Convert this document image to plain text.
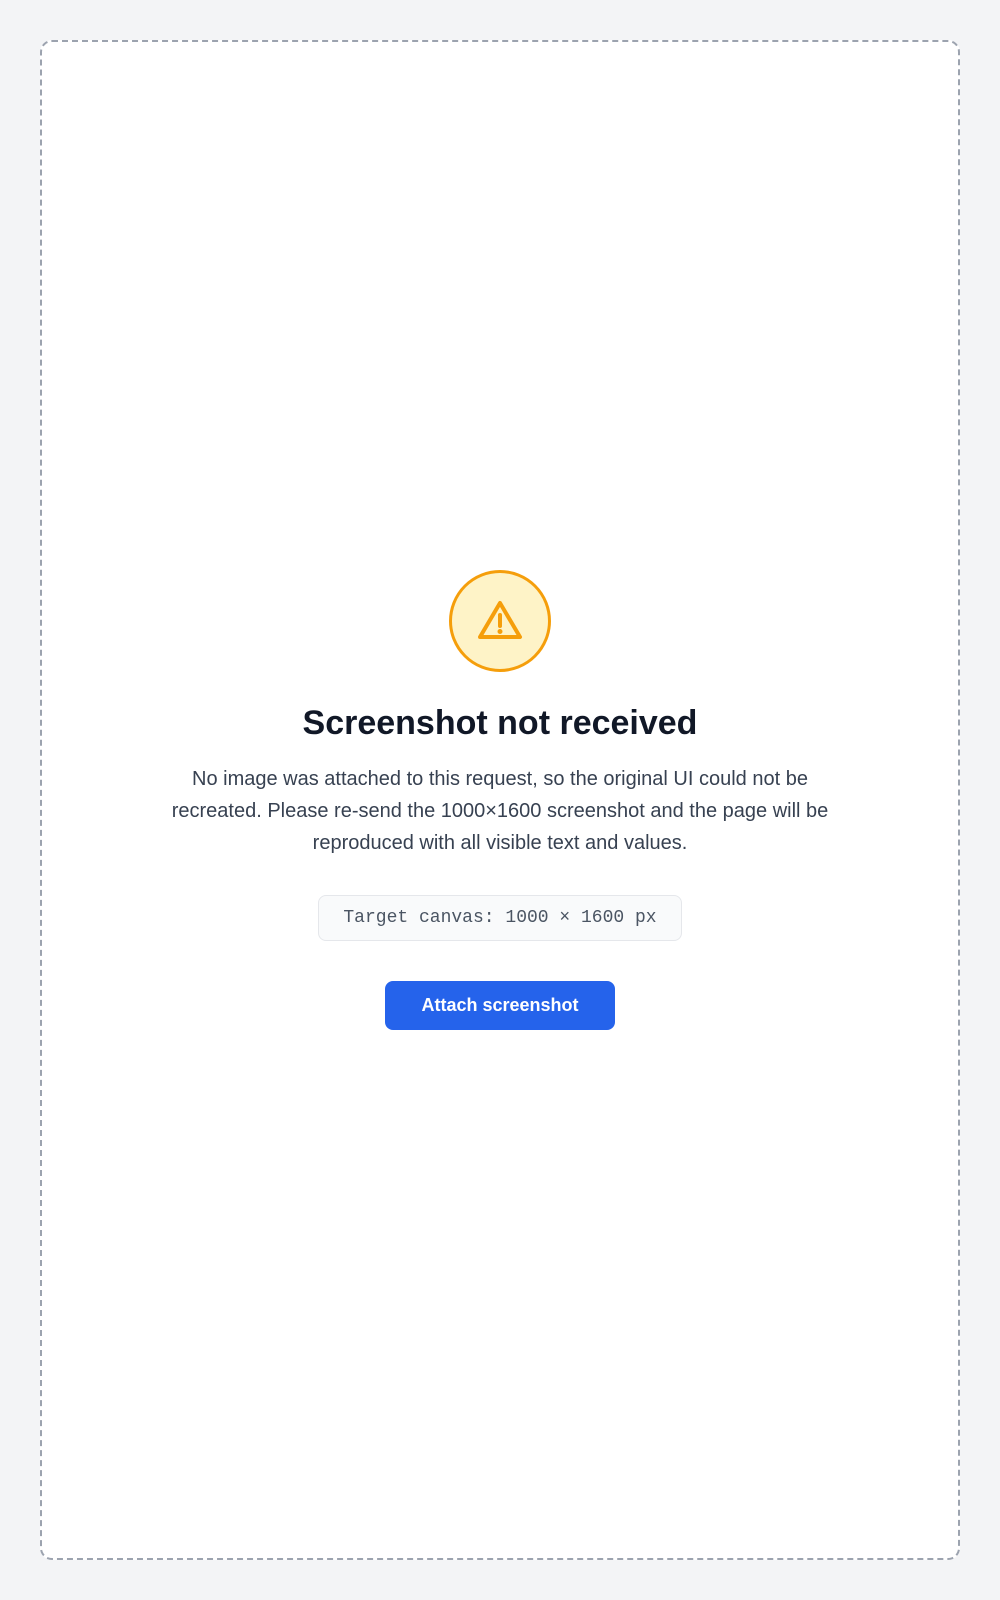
Screenshot not received

No image was attached to this request, so the original UI could not be recreated. Please re-send the 1000×1600 screenshot and the page will be reproduced with all visible text and values.

Target canvas: 1000 × 1600 px
Attach screenshot
